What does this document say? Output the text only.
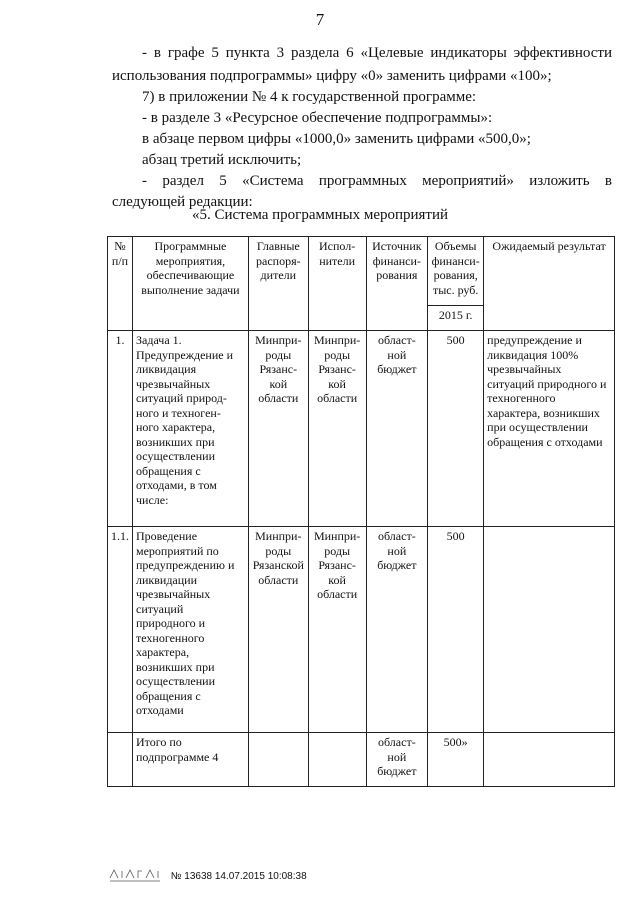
7
- в графе 5 пункта 3 раздела 6 «Целевые индикаторы эффективности
использования подпрограммы» цифру «0» заменить цифрами «100»;
7) в приложении № 4 к государственной программе:
- в разделе 3 «Ресурсное обеспечение подпрограммы»:
в абзаце первом цифры «1000,0» заменить цифрами «500,0»;
абзац третий исключить;
- раздел 5 «Система программных мероприятий» изложить в
следующей редакции:
«5. Система программных мероприятий
№ п/п	Программные мероприятия, обеспечивающие выполнение задачи	Главные распоря- дители	Испол- нители	Источник финанси- рования	Объемы финанси- рования, тыс. руб.	Ожидаемый результат
					2015 г.	
1.	Задача 1. Предупреждение и ликвидация чрезвычайных ситуаций природ- ного и техноген- ного характера, возникших при осуществлении обращения с отходами, в том числе:	Минпри- роды Рязанс- кой области	Минпри- роды Рязанс- кой области	област- ной бюджет	500	предупреждение и ликвидация 100% чрезвычайных ситуаций природного и техногенного характера, возникших при осуществлении обращения с отходами
1.1.	Проведение мероприятий по предупреждению и ликвидации чрезвычайных ситуаций природного и техногенного характера, возникших при осуществлении обращения с отходами	Минпри- роды Рязанской области	Минпри- роды Рязанс- кой области	област- ной бюджет	500	
	Итого по подпрограмме 4			област- ной бюджет	500»	
№ 13638 14.07.2015 10:08:38
